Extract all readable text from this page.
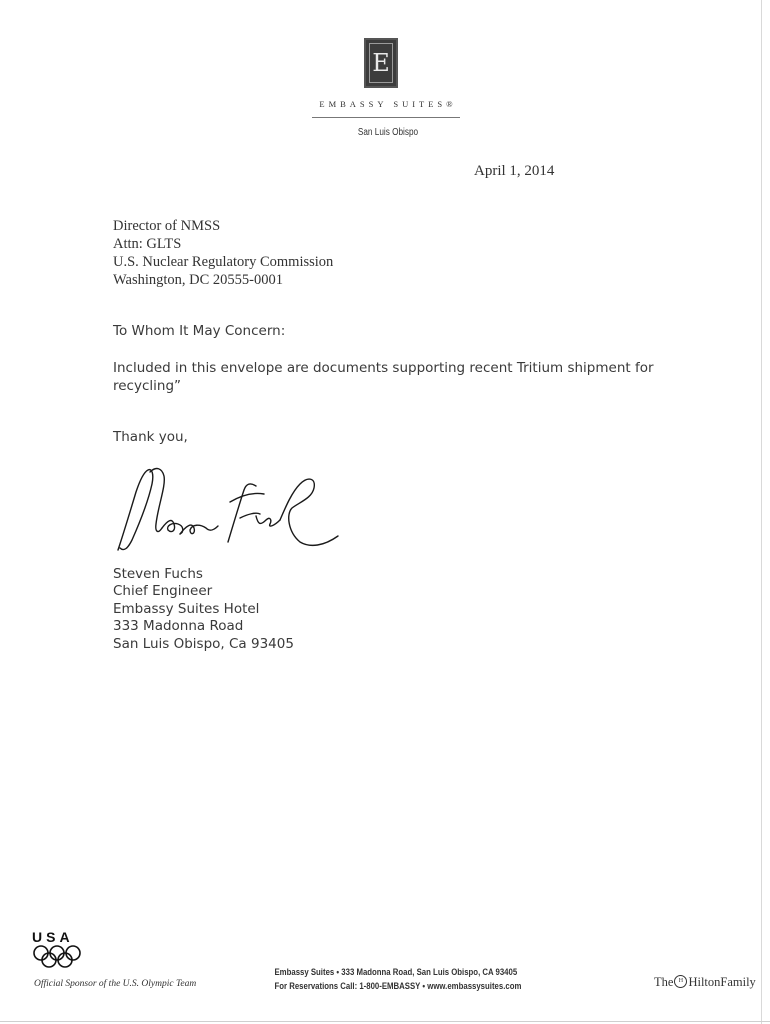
E
EMBASSY SUITES®
San Luis Obispo
April 1, 2014
Director of NMSS
Attn: GLTS
U.S. Nuclear Regulatory Commission
Washington, DC 20555-0001
To Whom It May Concern:
Included in this envelope are documents supporting recent Tritium shipment for recycling”
Thank you,
Steven Fuchs
Chief Engineer
Embassy Suites Hotel
333 Madonna Road
San Luis Obispo, Ca 93405
USA
Official Sponsor of the U.S. Olympic Team
Embassy Suites • 333 Madonna Road, San Luis Obispo, CA 93405
For Reservations Call: 1-800-EMBASSY • www.embassysuites.com	The H HiltonFamily
